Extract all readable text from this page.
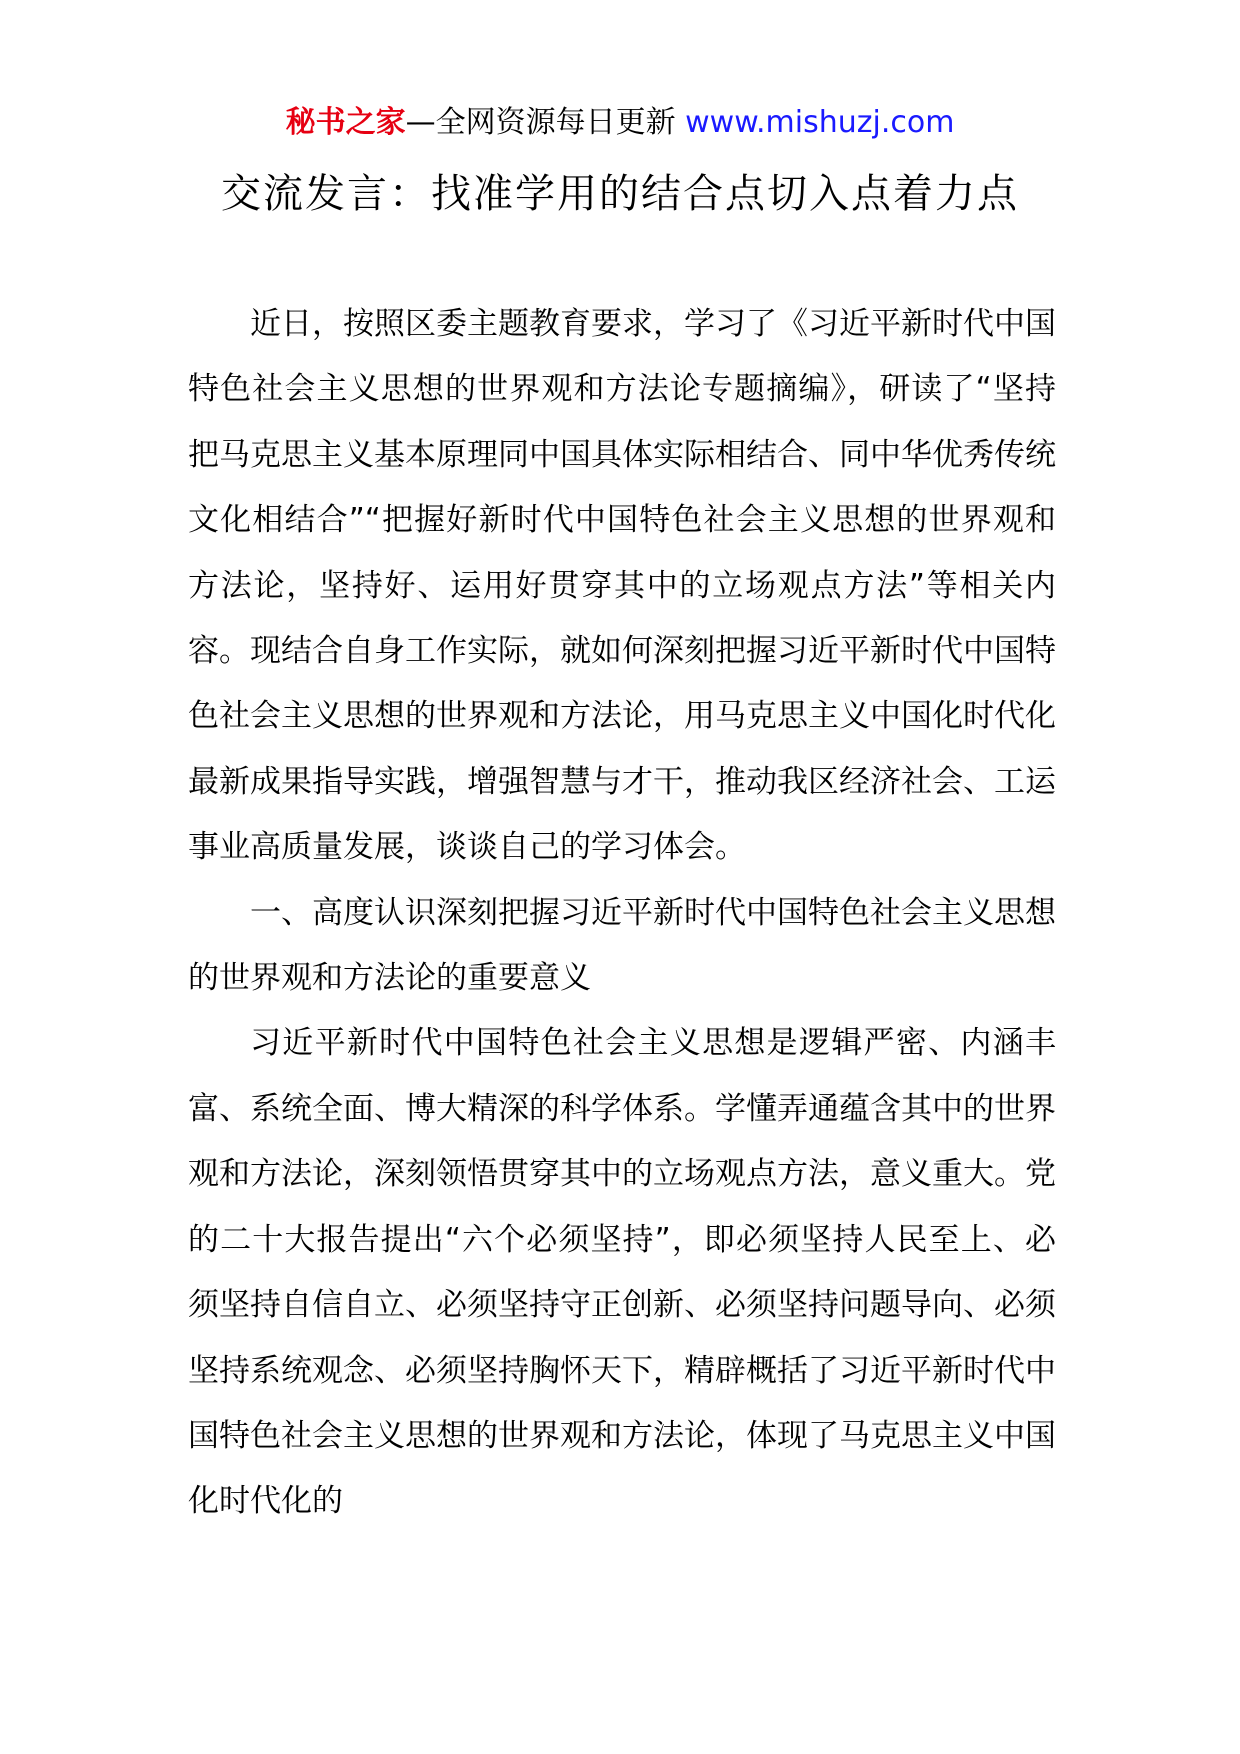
秘书之家—全网资源每日更新 www.mishuzj.com
交流发言：找准学用的结合点切入点着力点

近日，按照区委主题教育要求，学习了《习近平新时代中国特色社会主义思想的世界观和方法论专题摘编》，研读了“坚持把马克思主义基本原理同中国具体实际相结合、同中华优秀传统文化相结合”“把握好新时代中国特色社会主义思想的世界观和方法论，坚持好、运用好贯穿其中的立场观点方法”等相关内容。现结合自身工作实际，就如何深刻把握习近平新时代中国特色社会主义思想的世界观和方法论，用马克思主义中国化时代化最新成果指导实践，增强智慧与才干，推动我区经济社会、工运事业高质量发展，谈谈自己的学习体会。

一、高度认识深刻把握习近平新时代中国特色社会主义思想的世界观和方法论的重要意义

习近平新时代中国特色社会主义思想是逻辑严密、内涵丰富、系统全面、博大精深的科学体系。学懂弄通蕴含其中的世界观和方法论，深刻领悟贯穿其中的立场观点方法，意义重大。党的二十大报告提出“六个必须坚持”，即必须坚持人民至上、必须坚持自信自立、必须坚持守正创新、必须坚持问题导向、必须坚持系统观念、必须坚持胸怀天下，精辟概括了习近平新时代中国特色社会主义思想的世界观和方法论，体现了马克思主义中国化时代化的
